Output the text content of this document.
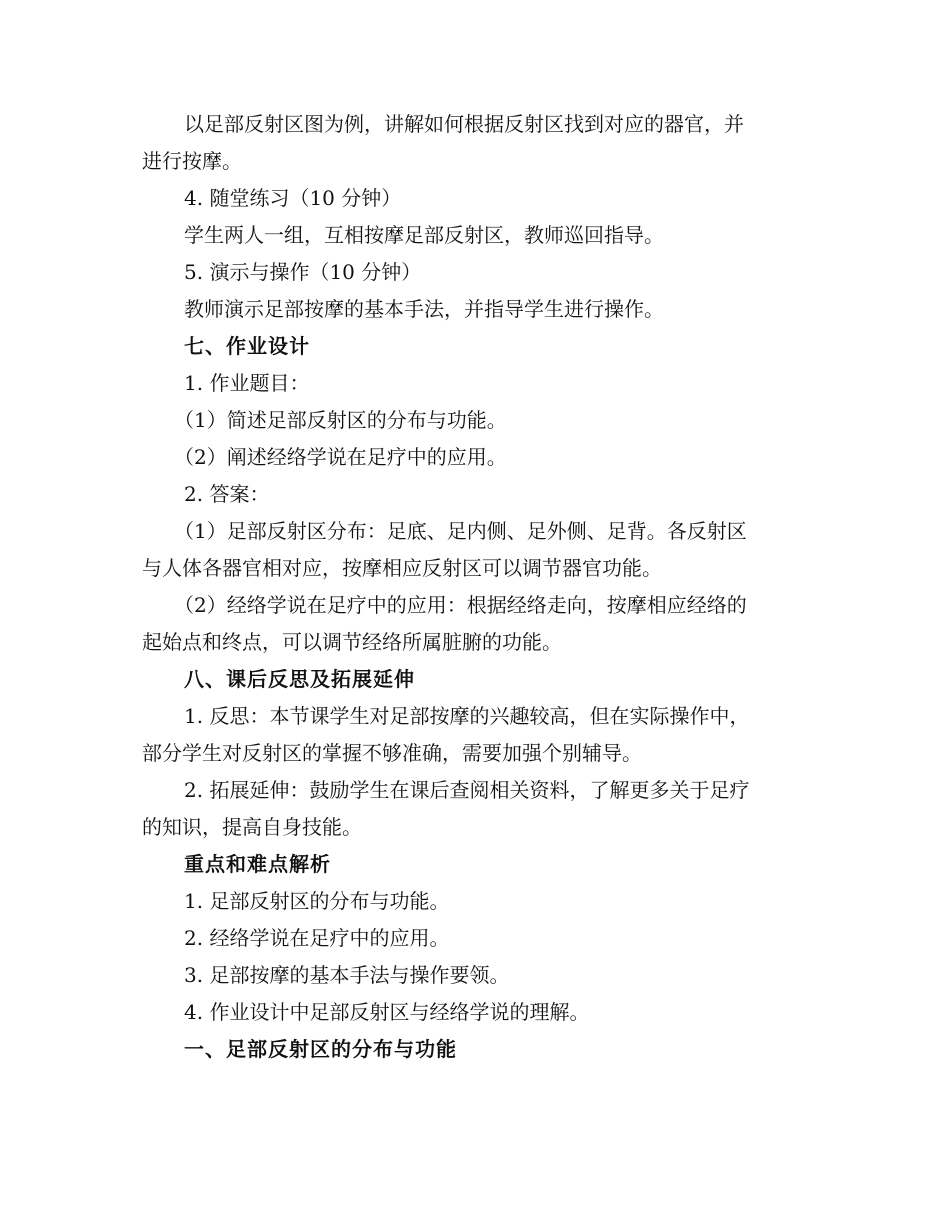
以足部反射区图为例，讲解如何根据反射区找到对应的器官，并
进行按摩。
4. 随堂练习（10 分钟）
学生两人一组，互相按摩足部反射区，教师巡回指导。
5. 演示与操作（10 分钟）
教师演示足部按摩的基本手法，并指导学生进行操作。
七、作业设计
1. 作业题目：
（1）简述足部反射区的分布与功能。
（2）阐述经络学说在足疗中的应用。
2. 答案：
（1）足部反射区分布：足底、足内侧、足外侧、足背。各反射区
与人体各器官相对应，按摩相应反射区可以调节器官功能。
（2）经络学说在足疗中的应用：根据经络走向，按摩相应经络的
起始点和终点，可以调节经络所属脏腑的功能。
八、课后反思及拓展延伸
1. 反思：本节课学生对足部按摩的兴趣较高，但在实际操作中，
部分学生对反射区的掌握不够准确，需要加强个别辅导。
2. 拓展延伸：鼓励学生在课后查阅相关资料，了解更多关于足疗
的知识，提高自身技能。
重点和难点解析
1. 足部反射区的分布与功能。
2. 经络学说在足疗中的应用。
3. 足部按摩的基本手法与操作要领。
4. 作业设计中足部反射区与经络学说的理解。
一、足部反射区的分布与功能
